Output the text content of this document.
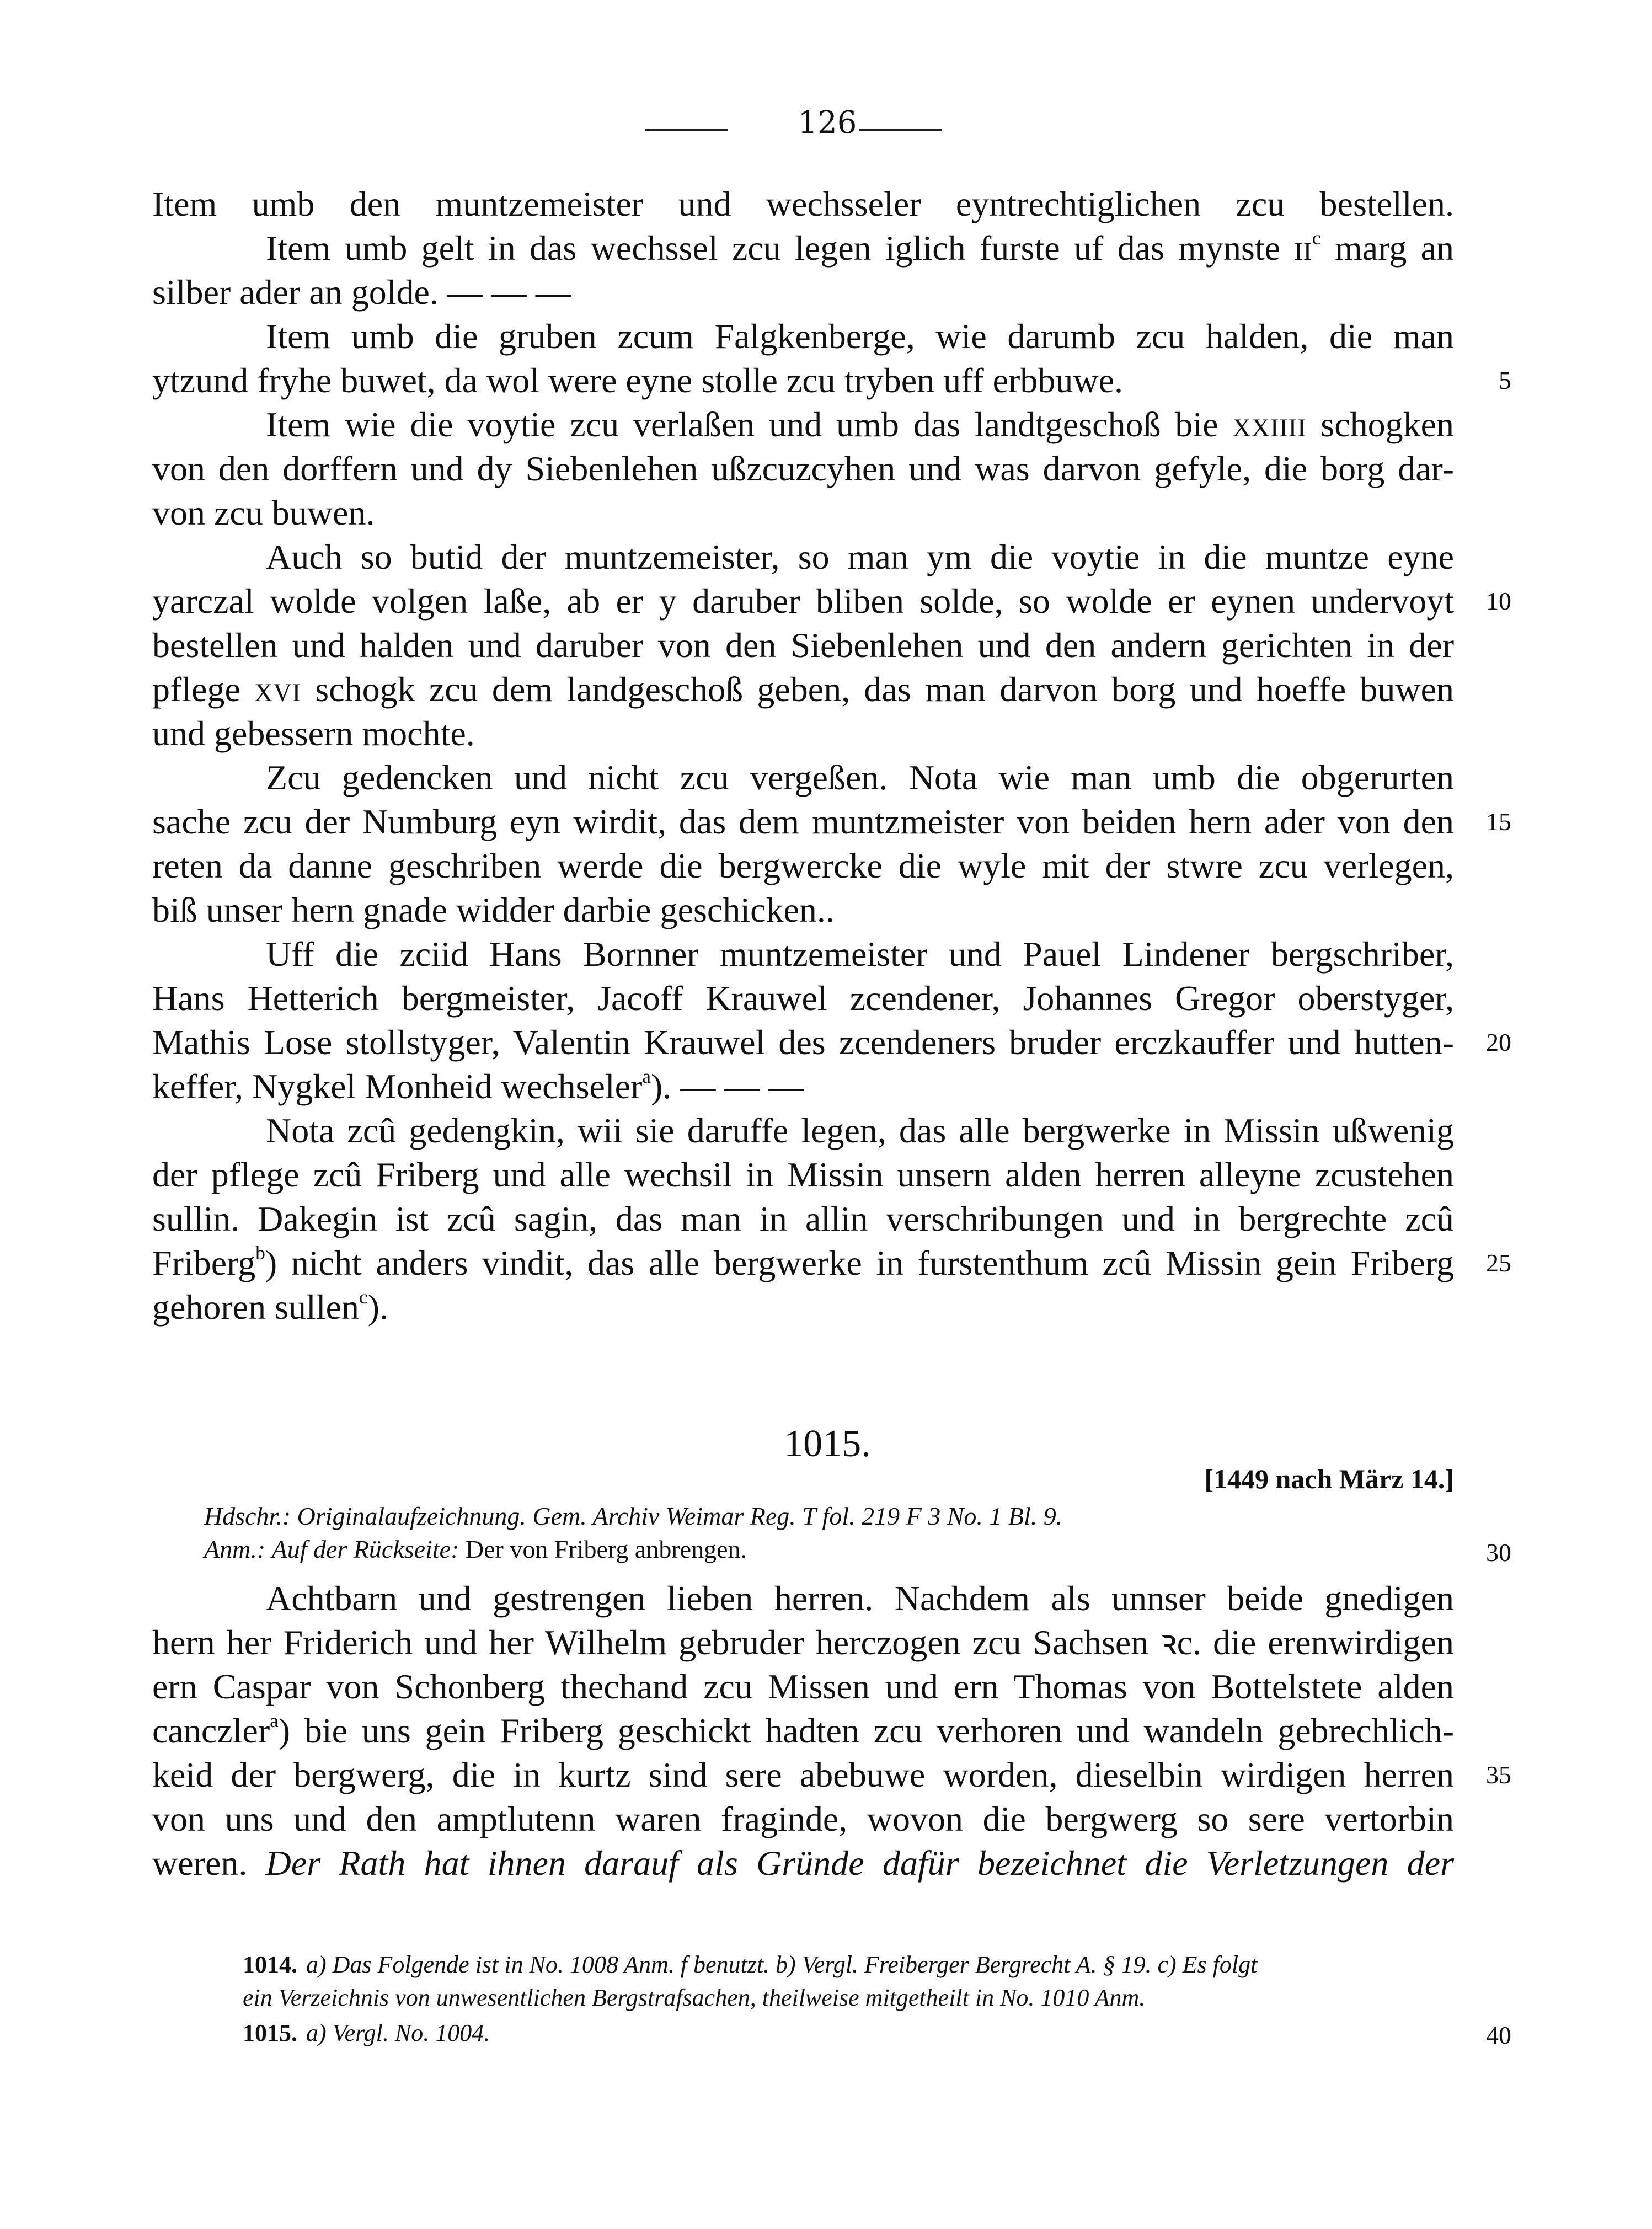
126
Item umb den muntzemeister und wechsseler eyntrechtiglichen zcu bestellen.
Item umb gelt in das wechssel zcu legen iglich furste uf das mynste $II^c$ marg an
silber ader an golde. — — —
Item umb die gruben zcum Falgkenberge, wie darumb zcu halden, die man
ytzund fryhe buwet, da wol were eyne stolle zcu tryben uff erbbuwe.	5
Item wie die voytie zcu verlaßen und umb das landtgeschoß bie XXIIII schogken
von den dorffern und dy Siebenlehen ußzcuzcyhen und was darvon gefyle, die borg dar-
von zcu buwen.
Auch so butid der muntzemeister, so man ym die voytie in die muntze eyne
yarczal wolde volgen laße, ab er y daruber bliben solde, so wolde er eynen undervoyt	10
bestellen und halden und daruber von den Siebenlehen und den andern gerichten in der
pflege XVI schogk zcu dem landgeschoß geben, das man darvon borg und hoeffe buwen
und gebessern mochte.
Zcu gedencken und nicht zcu vergeßen. Nota wie man umb die obgerurten
sache zcu der Numburg eyn wirdit, das dem muntzmeister von beiden hern ader von den	15
reten da danne geschriben werde die bergwercke die wyle mit der stwre zcu verlegen,
biß unser hern gnade widder darbie geschicken..
Uff die zciid Hans Bornner muntzemeister und Pauel Lindener bergschriber,
Hans Hetterich bergmeister, Jacoff Krauwel zcendener, Johannes Gregor oberstyger,
Mathis Lose stollstyger, Valentin Krauwel des zcendeners bruder erczkauffer und hutten-	20
keffer, Nygkel Monheid wechseler$^a$). — — —
Nota zcû gedengkin, wii sie daruffe legen, das alle bergwerke in Missin ußwenig
der pflege zcû Friberg und alle wechsil in Missin unsern alden herren alleyne zcustehen
sullin. Dakegin ist zcû sagin, das man in allin verschribungen und in bergrechte zcû
Friberg$^b$) nicht anders vindit, das alle bergwerke in furstenthum zcû Missin gein Friberg	25
gehoren sullen$^c$).
1015.
[1449 nach März 14.]
Hdschr.: Originalaufzeichnung. Gem. Archiv Weimar Reg. T fol. 219 F 3 No. 1 Bl. 9.
Anm.: Auf der Rückseite: Der von Friberg anbrengen.	30
Achtbarn und gestrengen lieben herren. Nachdem als unnser beide gnedigen
hern her Friderich und her Wilhelm gebruder herczogen zcu Sachsen ꝛc. die erenwirdigen
ern Caspar von Schonberg thechand zcu Missen und ern Thomas von Bottelstete alden
canczler$^a$) bie uns gein Friberg geschickt hadten zcu verhoren und wandeln gebrechlich-
keid der bergwerg, die in kurtz sind sere abebuwe worden, dieselbin wirdigen herren	35
von uns und den amptlutenn waren fraginde, wovon die bergwerg so sere vertorbin
weren. Der Rath hat ihnen darauf als Gründe dafür bezeichnet die Verletzungen der
1014. a) Das Folgende ist in No. 1008 Anm. f benutzt. b) Vergl. Freiberger Bergrecht A. § 19. c) Es folgt
ein Verzeichnis von unwesentlichen Bergstrafsachen, theilweise mitgetheilt in No. 1010 Anm.
1015. a) Vergl. No. 1004.	40
